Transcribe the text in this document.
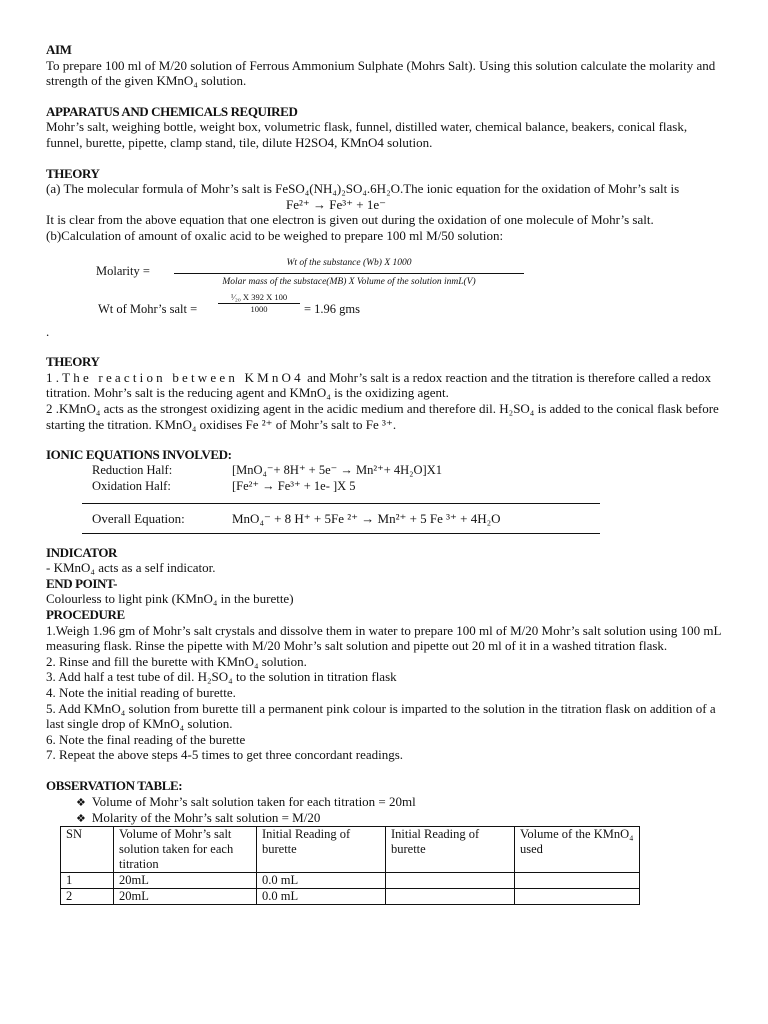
AIM

To prepare 100 ml of M/20 solution of Ferrous Ammonium Sulphate (Mohrs Salt). Using this solution calculate the molarity and strength of the given KMnO₄ solution.

APPARATUS AND CHEMICALS REQUIRED

Mohr’s salt, weighing bottle, weight box, volumetric flask, funnel, distilled water, chemical balance, beakers, conical flask, funnel, burette, pipette, clamp stand, tile, dilute H2SO4, KMnO4 solution.

THEORY

(a) The molecular formula of Mohr’s salt is FeSO₄(NH₄)₂SO₄.6H₂O.The ionic equation for the oxidation of Mohr’s salt is

Fe²⁺ → Fe³⁺ + 1e⁻

It is clear from the above equation that one electron is given out during the oxidation of one molecule of Mohr’s salt.

(b)Calculation of amount of oxalic acid to be weighed to prepare 100 ml M/50 solution:

Molarity =
Wt of the substance (Wb) X 1000
Molar mass of the substace(MB) X Volume of the solution inmL(V)
Wt of Mohr’s salt = $\frac{\text{¹⁄₂₀ X 392 X 100}}{1000} = 1.96$ gms

.

THEORY

1.The reaction between KMnO4 and Mohr’s salt is a redox reaction and the titration is therefore called a redox titration. Mohr’s salt is the reducing agent and KMnO₄ is the oxidizing agent.

2 .KMnO₄ acts as the strongest oxidizing agent in the acidic medium and therefore dil. H₂SO₄ is added to the conical flask before starting the titration. KMnO₄ oxidises Fe ²⁺ of Mohr’s salt to Fe ³⁺.

IONIC EQUATIONS INVOLVED:

Reduction Half:	[MnO₄⁻+ 8H⁺ + 5e⁻ → Mn²⁺+ 4H₂O]X1
Oxidation Half:	[Fe²⁺ → Fe³⁺ + 1e- ]X 5
Overall Equation:	MnO₄⁻ + 8 H⁺ + 5Fe ²⁺ → Mn²⁺ + 5 Fe ³⁺ + 4H₂O

INDICATOR

- KMnO₄ acts as a self indicator.

END POINT-

Colourless to light pink (KMnO₄ in the burette)

PROCEDURE

1.Weigh 1.96 gm of Mohr’s salt crystals and dissolve them in water to prepare 100 ml of M/20 Mohr’s salt solution using 100 mL measuring flask. Rinse the pipette with M/20 Mohr’s salt solution and pipette out 20 ml of it in a washed titration flask.

2. Rinse and fill the burette with KMnO₄ solution.

3. Add half a test tube of dil. H₂SO₄ to the solution in titration flask

4. Note the initial reading of burette.

5. Add KMnO₄ solution from burette till a permanent pink colour is imparted to the solution in the titration flask on addition of a last single drop of KMnO₄ solution.

6. Note the final reading of the burette

7. Repeat the above steps 4-5 times to get three concordant readings.

OBSERVATION TABLE:

❖ Volume of Mohr’s salt solution taken for each titration = 20ml
❖ Molarity of the Mohr’s salt solution = M/20
SN	Volume of Mohr’s salt solution taken for each titration	Initial Reading of burette	Initial Reading of burette	Volume of the KMnO₄ used
1	20mL	0.0 mL		
2	20mL	0.0 mL		
